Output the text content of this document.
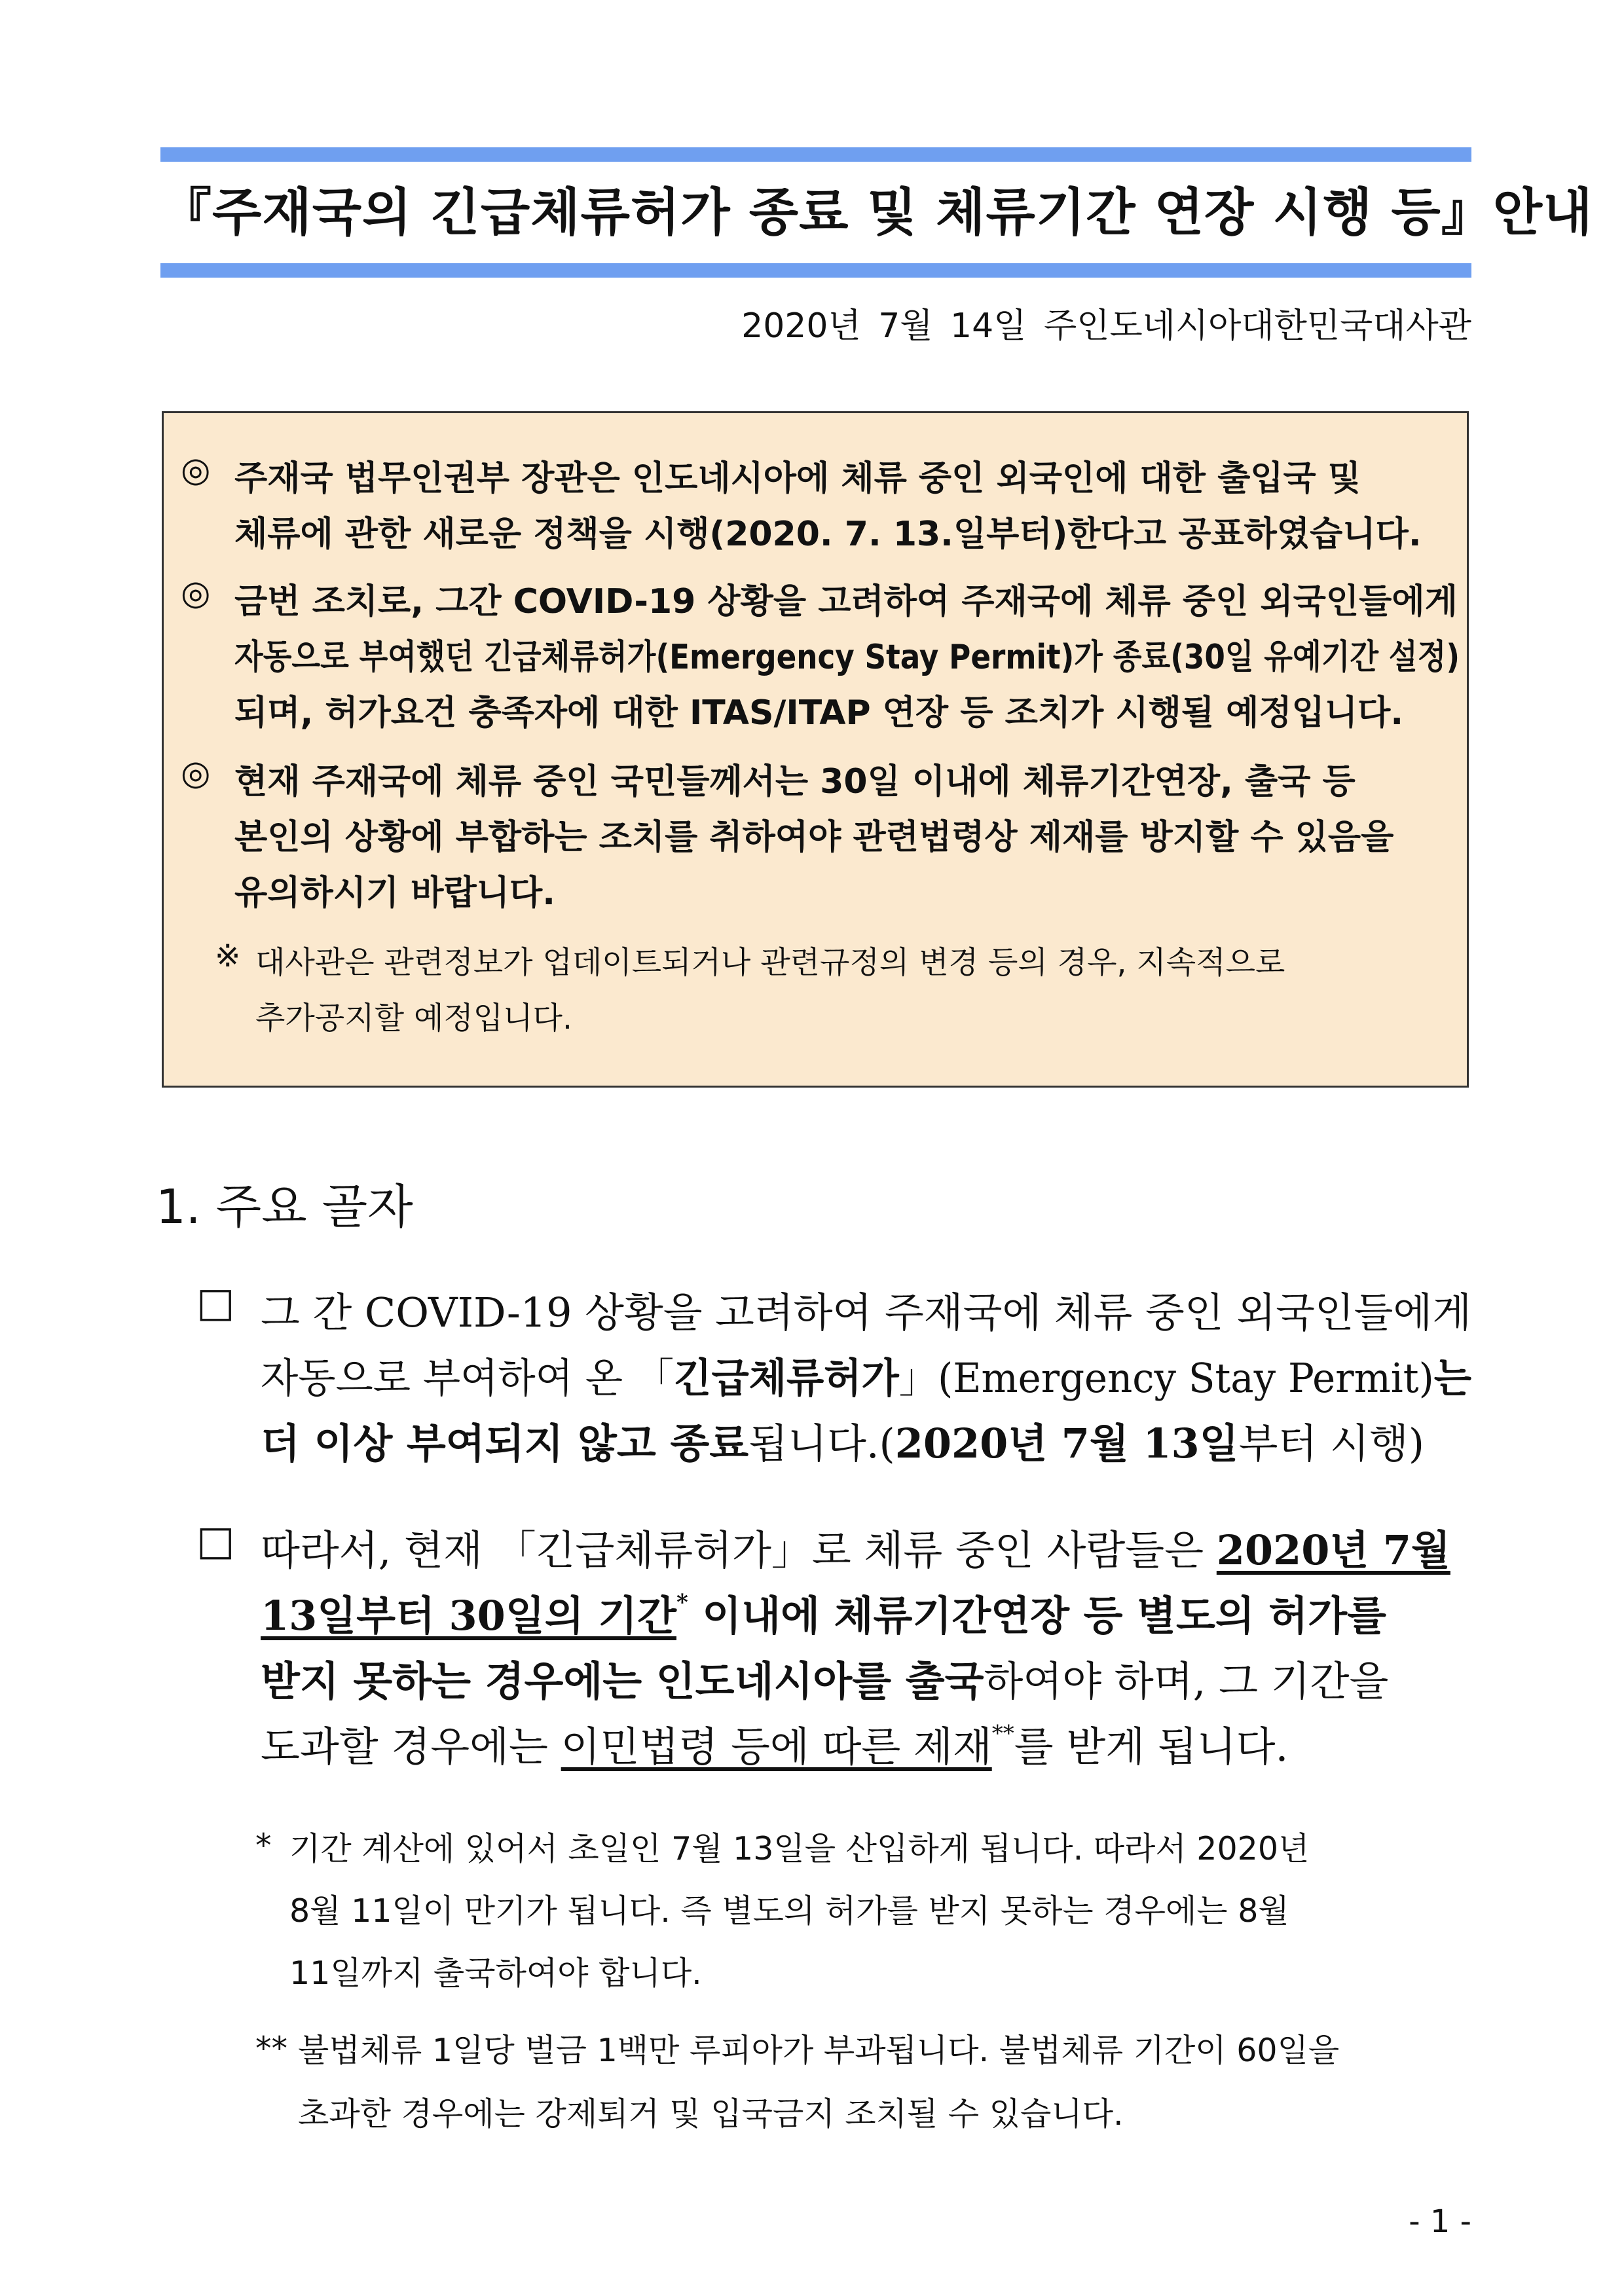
『주재국의 긴급체류허가 종료 및 체류기간 연장 시행 등』안내
2020년 7월 14일 주인도네시아대한민국대사관
◎ 주재국 법무인권부 장관은 인도네시아에 체류 중인 외국인에 대한 출입국 및
체류에 관한 새로운 정책을 시행(2020. 7. 13.일부터)한다고 공표하였습니다.
◎ 금번 조치로, 그간 COVID-19 상황을 고려하여 주재국에 체류 중인 외국인들에게
자동으로 부여했던 긴급체류허가(Emergency Stay Permit)가 종료(30일 유예기간 설정)
되며, 허가요건 충족자에 대한 ITAS/ITAP 연장 등 조치가 시행될 예정입니다.
◎ 현재 주재국에 체류 중인 국민들께서는 30일 이내에 체류기간연장, 출국 등
본인의 상황에 부합하는 조치를 취하여야 관련법령상 제재를 방지할 수 있음을
유의하시기 바랍니다.
※ 대사관은 관련정보가 업데이트되거나 관련규정의 변경 등의 경우, 지속적으로
추가공지할 예정입니다.
1. 주요 골자
□ 그 간 COVID-19 상황을 고려하여 주재국에 체류 중인 외국인들에게
자동으로 부여하여 온 「긴급체류허가」(Emergency Stay Permit)는
더 이상 부여되지 않고 종료됩니다.(2020년 7월 13일부터 시행)
□ 따라서, 현재 「긴급체류허가」로 체류 중인 사람들은 2020년 7월
13일부터 30일의 기간* 이내에 체류기간연장 등 별도의 허가를
받지 못하는 경우에는 인도네시아를 출국하여야 하며, 그 기간을
도과할 경우에는 이민법령 등에 따른 제재**를 받게 됩니다.
* 기간 계산에 있어서 초일인 7월 13일을 산입하게 됩니다. 따라서 2020년
8월 11일이 만기가 됩니다. 즉 별도의 허가를 받지 못하는 경우에는 8월
11일까지 출국하여야 합니다.
** 불법체류 1일당 벌금 1백만 루피아가 부과됩니다. 불법체류 기간이 60일을
초과한 경우에는 강제퇴거 및 입국금지 조치될 수 있습니다.
- 1 -
